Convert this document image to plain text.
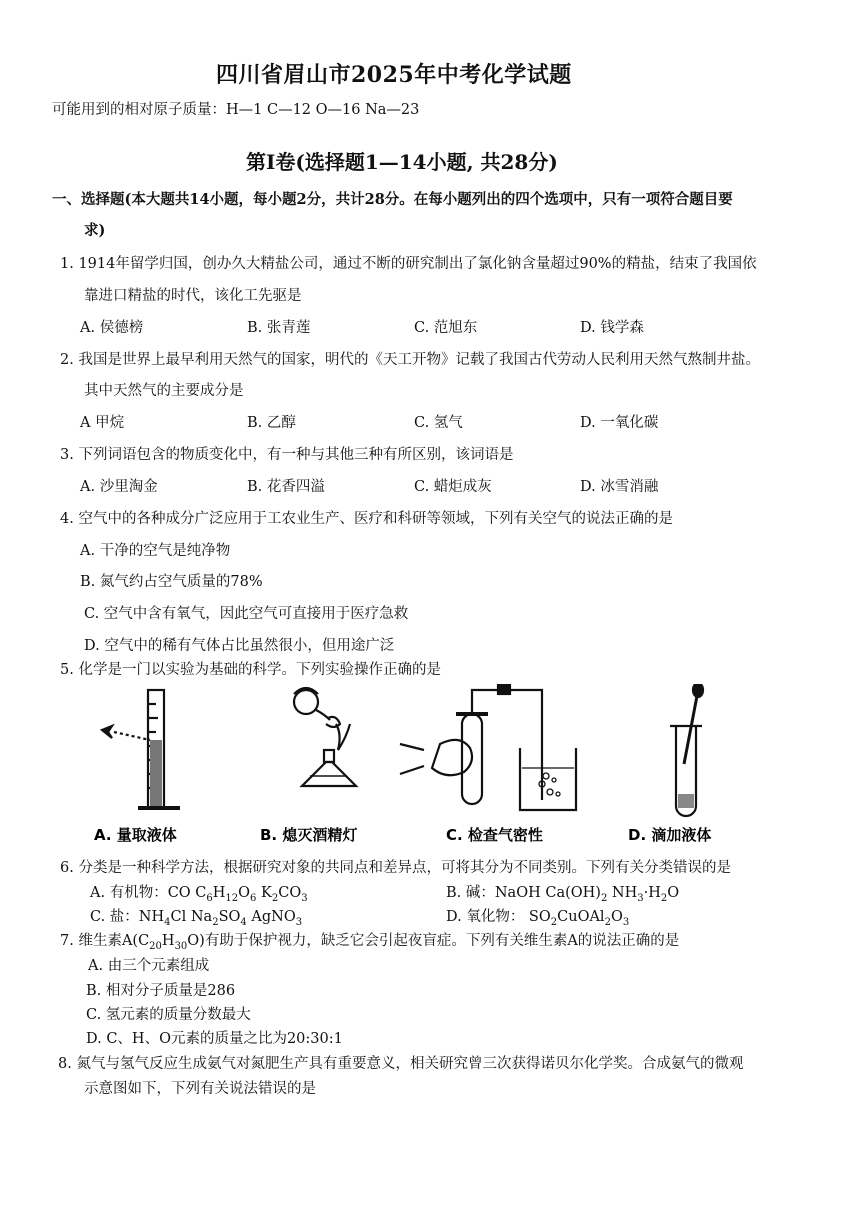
四川省眉山市2025年中考化学试题
可能用到的相对原子质量：H—1 C—12 O—16 Na—23
第Ⅰ卷(选择题1—14小题, 共28分)
一、选择题(本大题共14小题，每小题2分，共计28分。在每小题列出的四个选项中，只有一项符合题目要
求)
1. 1914年留学归国，创办久大精盐公司，通过不断的研究制出了氯化钠含量超过90%的精盐，结束了我国依
靠进口精盐的时代，该化工先驱是
A. 侯德榜	B. 张青莲	C. 范旭东	D. 钱学森
2. 我国是世界上最早利用天然气的国家，明代的《天工开物》记载了我国古代劳动人民利用天然气熬制井盐。
其中天然气的主要成分是
A 甲烷	B. 乙醇	C. 氢气	D. 一氧化碳
3. 下列词语包含的物质变化中，有一种与其他三种有所区别，该词语是
A. 沙里淘金	B. 花香四溢	C. 蜡炬成灰	D. 冰雪消融
4. 空气中的各种成分广泛应用于工农业生产、医疗和科研等领域，下列有关空气的说法正确的是
A. 干净的空气是纯净物
B. 氮气约占空气质量的78%
C. 空气中含有氧气，因此空气可直接用于医疗急救
D. 空气中的稀有气体占比虽然很小，但用途广泛
5. 化学是一门以实验为基础的科学。下列实验操作正确的是
A. 量取液体	B. 熄灭酒精灯	C. 检查气密性	D. 滴加液体
6. 分类是一种科学方法，根据研究对象的共同点和差异点，可将其分为不同类别。下列有关分类错误的是
A. 有机物：CO $C_6H_{12}O_6$ $K_2CO_3$	B. 碱：NaOH $Ca(OH)_2$ $NH_3\cdot H_2O$
C. 盐：$NH_4Cl$ $Na_2SO_4$ AgNO$_3$	D. 氧化物： $SO_2CuOAl_2O_3$
7. 维生素$A(C_{20}H_{30}O)$有助于保护视力，缺乏它会引起夜盲症。下列有关维生素A的说法正确的是
A. 由三个元素组成
B. 相对分子质量是286
C. 氢元素的质量分数最大
D. C、H、O元素的质量之比为20:30:1
8. 氮气与氢气反应生成氨气对氮肥生产具有重要意义，相关研究曾三次获得诺贝尔化学奖。合成氨气的微观
示意图如下，下列有关说法错误的是
